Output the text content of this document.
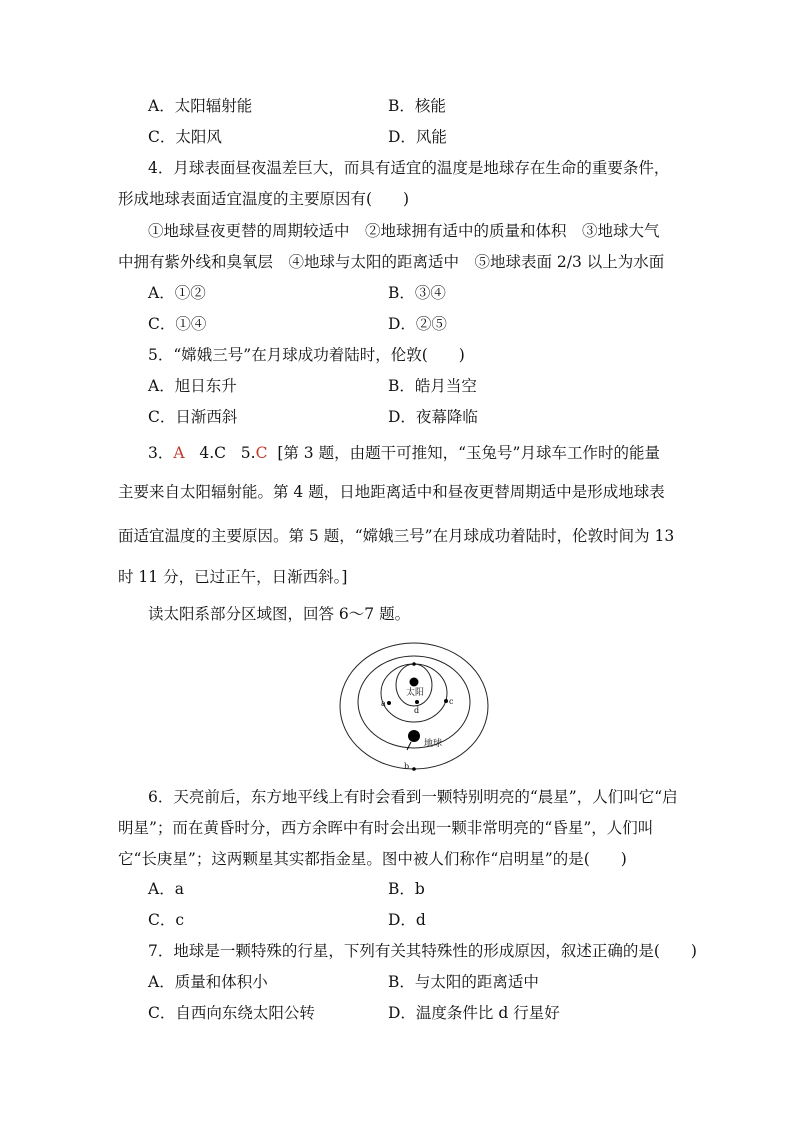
A．太阳辐射能	B．核能
C．太阳风	D．风能
4．月球表面昼夜温差巨大，而具有适宜的温度是地球存在生命的重要条件，
形成地球表面适宜温度的主要原因有(　　)
①地球昼夜更替的周期较适中　②地球拥有适中的质量和体积　③地球大气
中拥有紫外线和臭氧层　④地球与太阳的距离适中　⑤地球表面 2/3 以上为水面
A．①②	B．③④
C．①④	D．②⑤
5．“嫦娥三号”在月球成功着陆时，伦敦(　　)
A．旭日东升	B．皓月当空
C．日渐西斜	D．夜幕降临
3．A 4.C 5.C [第 3 题，由题干可推知，“玉兔号”月球车工作时的能量
主要来自太阳辐射能。第 4 题，日地距离适中和昼夜更替周期适中是形成地球表
面适宜温度的主要原因。第 5 题，“嫦娥三号”在月球成功着陆时，伦敦时间为 13
时 11 分，已过正午，日渐西斜。]
读太阳系部分区域图，回答 6～7 题。
太阳
a	c
d
地球
b
6．天亮前后，东方地平线上有时会看到一颗特别明亮的“晨星”，人们叫它“启
明星”；而在黄昏时分，西方余晖中有时会出现一颗非常明亮的“昏星”，人们叫
它“长庚星”；这两颗星其实都指金星。图中被人们称作“启明星”的是(　　)
A．a	B．b
C．c	D．d
7．地球是一颗特殊的行星，下列有关其特殊性的形成原因，叙述正确的是(　　)
A．质量和体积小	B．与太阳的距离适中
C．自西向东绕太阳公转	D．温度条件比 d 行星好
